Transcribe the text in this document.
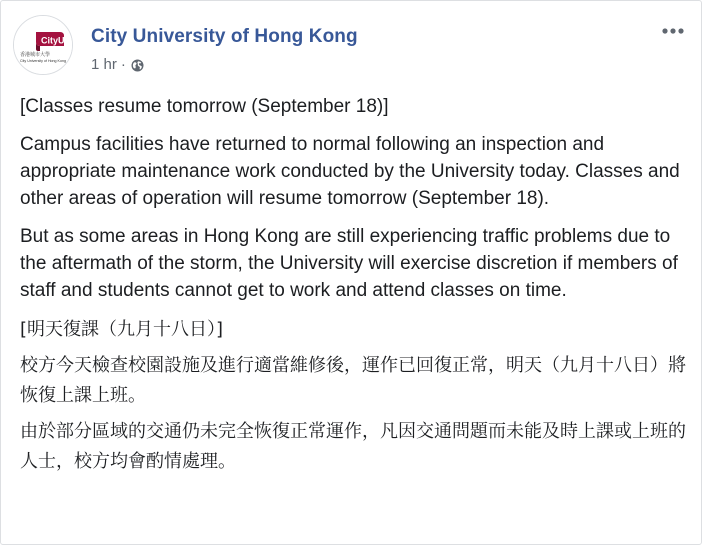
CityU
香港城市大學
City University of Hong Kong
City University of Hong Kong
1 hr ·

[Classes resume tomorrow (September 18)]

Campus facilities have returned to normal following an inspection and appropriate maintenance work conducted by the University today. Classes and other areas of operation will resume tomorrow (September 18).

But as some areas in Hong Kong are still experiencing traffic problems due to the aftermath of the storm, the University will exercise discretion if members of staff and students cannot get to work and attend classes on time.

[明天復課（九月十八日）]

校方今天檢查校園設施及進行適當維修後，運作已回復正常，明天（九月十八日）將恢復上課上班。

由於部分區域的交通仍未完全恢復正常運作，凡因交通問題而未能及時上課或上班的人士，校方均會酌情處理。
